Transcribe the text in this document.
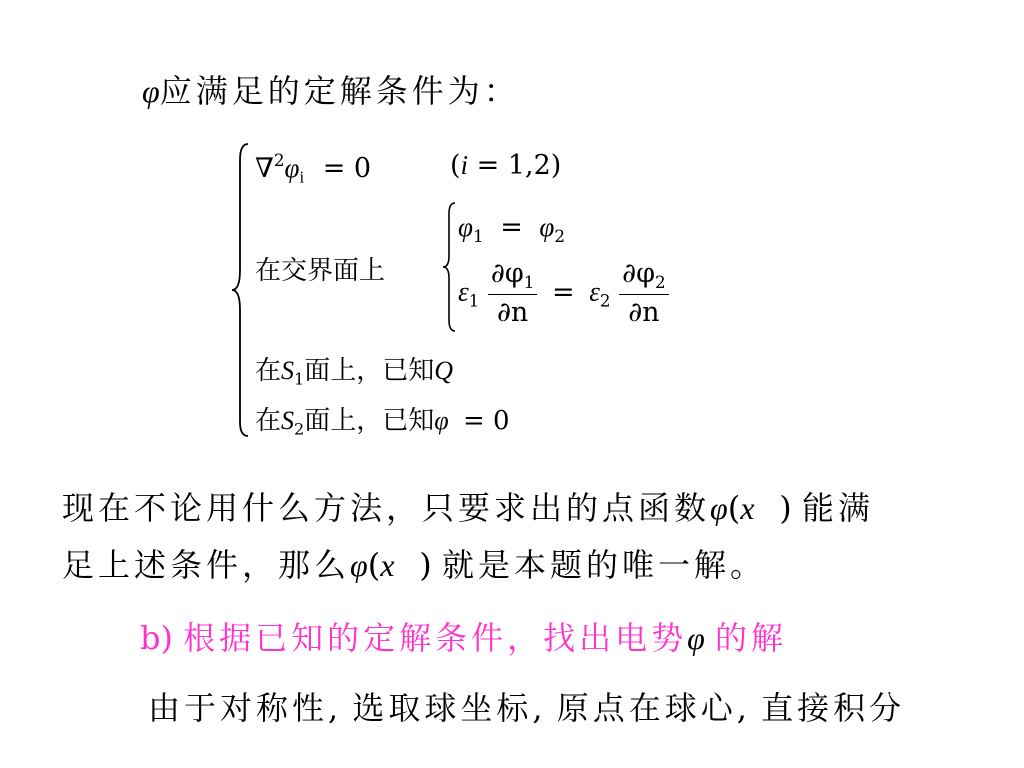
φ应满足的定解条件为：
$\nabla^2\varphi_i = 0$	(i = 1,2)
在交界面上
$\varphi_1 = \varphi_2$
$\varepsilon_1 \frac{\partial\varphi_1}{\partial n} = \varepsilon_2 \frac{\partial\varphi_2}{\partial n}$
在$S_1$面上，已知Q
在$S_2$面上，已知φ = 0
现在不论用什么方法，只要求出的点函数φ(x⃗) 能满
足上述条件，那么φ(x⃗) 就是本题的唯一解。
b) 根据已知的定解条件，找出电势φ 的解
由于对称性, 选取球坐标, 原点在球心, 直接积分
